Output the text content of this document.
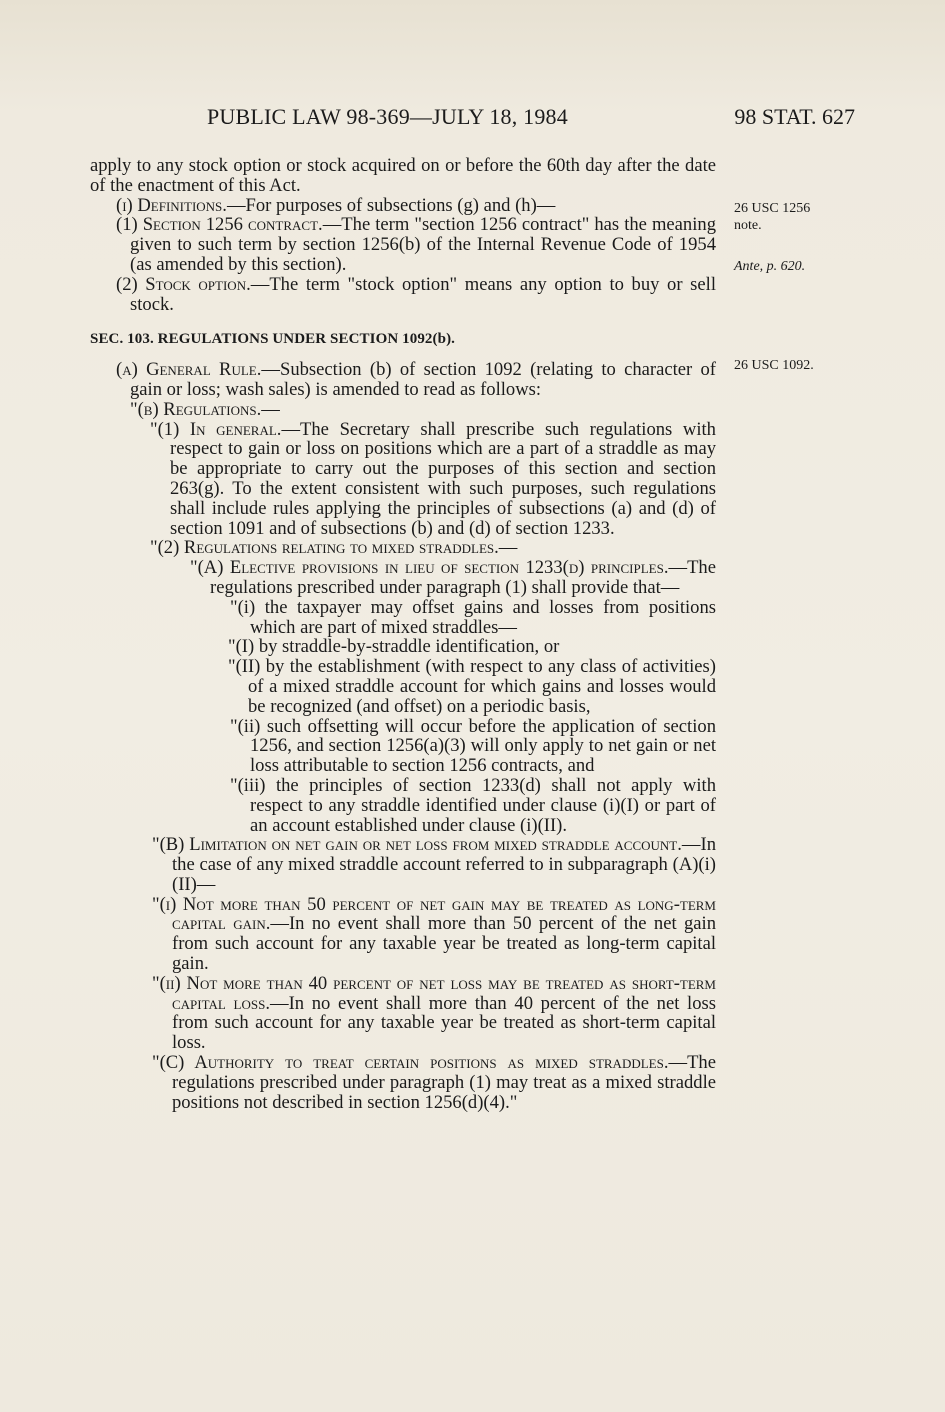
PUBLIC LAW 98-369—JULY 18, 1984	98 STAT. 627

apply to any stock option or stock acquired on or before the 60th day after the date of the enactment of this Act.

(i) Definitions.—For purposes of subsections (g) and (h)—

(1) Section 1256 contract.—The term "section 1256 contract" has the meaning given to such term by section 1256(b) of the Internal Revenue Code of 1954 (as amended by this section).

(2) Stock option.—The term "stock option" means any option to buy or sell stock.

SEC. 103. REGULATIONS UNDER SECTION 1092(b).

(a) General Rule.—Subsection (b) of section 1092 (relating to character of gain or loss; wash sales) is amended to read as follows:

"(b) Regulations.—

"(1) In general.—The Secretary shall prescribe such regulations with respect to gain or loss on positions which are a part of a straddle as may be appropriate to carry out the purposes of this section and section 263(g). To the extent consistent with such purposes, such regulations shall include rules applying the principles of subsections (a) and (d) of section 1091 and of subsections (b) and (d) of section 1233.

"(2) Regulations relating to mixed straddles.—

"(A) Elective provisions in lieu of section 1233(d) principles.—The regulations prescribed under paragraph (1) shall provide that—

"(i) the taxpayer may offset gains and losses from positions which are part of mixed straddles—

"(I) by straddle-by-straddle identification, or

"(II) by the establishment (with respect to any class of activities) of a mixed straddle account for which gains and losses would be recognized (and offset) on a periodic basis,

"(ii) such offsetting will occur before the application of section 1256, and section 1256(a)(3) will only apply to net gain or net loss attributable to section 1256 contracts, and

"(iii) the principles of section 1233(d) shall not apply with respect to any straddle identified under clause (i)(I) or part of an account established under clause (i)(II).

"(B) Limitation on net gain or net loss from mixed straddle account.—In the case of any mixed straddle account referred to in subparagraph (A)(i)(II)—

"(i) Not more than 50 percent of net gain may be treated as long-term capital gain.—In no event shall more than 50 percent of the net gain from such account for any taxable year be treated as long-term capital gain.

"(ii) Not more than 40 percent of net loss may be treated as short-term capital loss.—In no event shall more than 40 percent of the net loss from such account for any taxable year be treated as short-term capital loss.

"(C) Authority to treat certain positions as mixed straddles.—The regulations prescribed under paragraph (1) may treat as a mixed straddle positions not described in section 1256(d)(4)."

26 USC 1256
note.
Ante, p. 620.
26 USC 1092.
